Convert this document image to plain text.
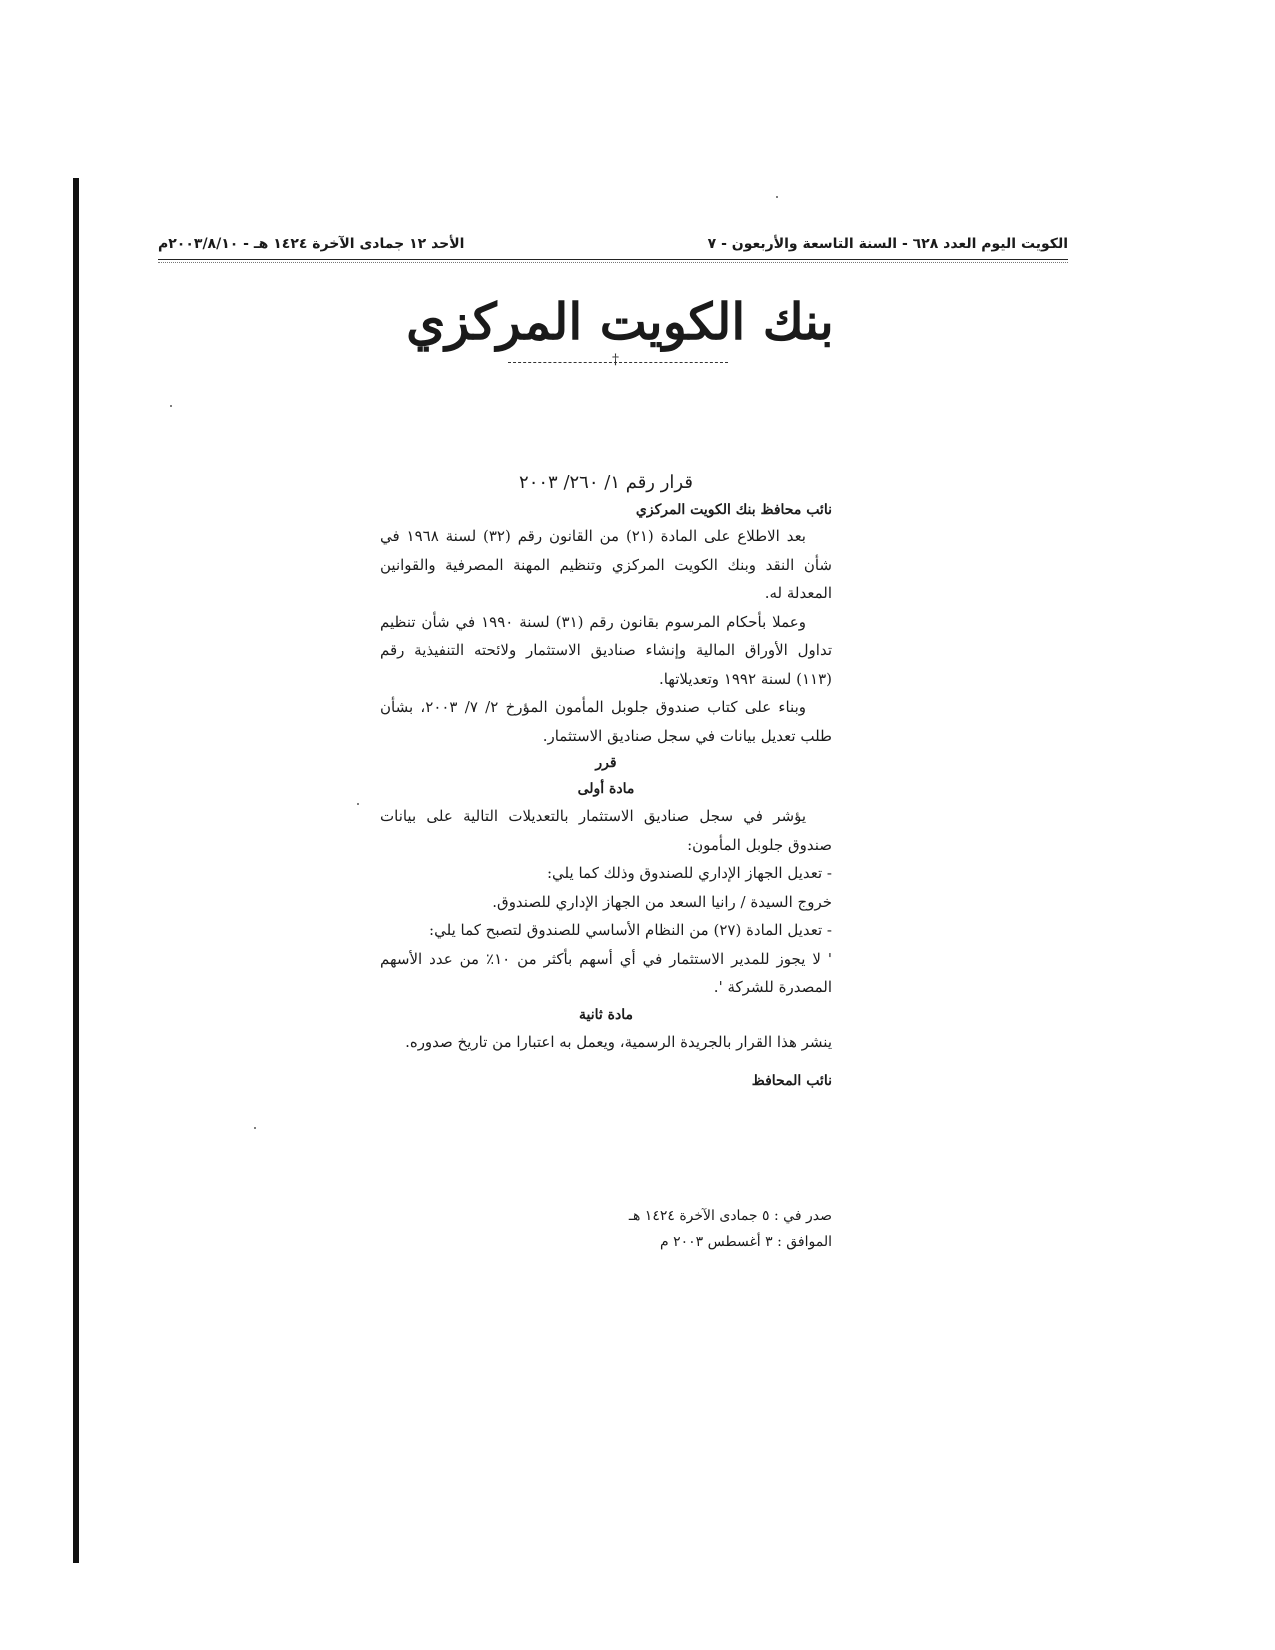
الكويت اليوم العدد ٦٢٨ - السنة التاسعة والأربعون - ٧
الأحد ١٢ جمادى الآخرة ١٤٢٤ هـ - ٢٠٠٣/٨/١٠م
بنك الكويت المركزي
†
قرار رقم ١/ ٢٦٠/ ٢٠٠٣
نائب محافظ بنك الكويت المركزي

بعد الاطلاع على المادة (٢١) من القانون رقم (٣٢) لسنة ١٩٦٨ في شأن النقد وبنك الكويت المركزي وتنظيم المهنة المصرفية والقوانين المعدلة له.

وعملا بأحكام المرسوم بقانون رقم (٣١) لسنة ١٩٩٠ في شأن تنظيم تداول الأوراق المالية وإنشاء صناديق الاستثمار ولائحته التنفيذية رقم (١١٣) لسنة ١٩٩٢ وتعديلاتها.

وبناء على كتاب صندوق جلوبل المأمون المؤرخ ٢/ ٧/ ٢٠٠٣، بشأن طلب تعديل بيانات في سجل صناديق الاستثمار.

قرر
مادة أولى

يؤشر في سجل صناديق الاستثمار بالتعديلات التالية على بيانات صندوق جلوبل المأمون:

- تعديل الجهاز الإداري للصندوق وذلك كما يلي:
خروج السيدة / رانيا السعد من الجهاز الإداري للصندوق.

- تعديل المادة (٢٧) من النظام الأساسي للصندوق لتصبح كما يلي:

' لا يجوز للمدير الاستثمار في أي أسهم بأكثر من ١٠٪ من عدد الأسهم المصدرة للشركة '.

مادة ثانية

ينشر هذا القرار بالجريدة الرسمية، ويعمل به اعتبارا من تاريخ صدوره.

نائب المحافظ
صدر في : ٥ جمادى الآخرة ١٤٢٤ هـ
الموافق : ٣ أغسطس ٢٠٠٣ م
